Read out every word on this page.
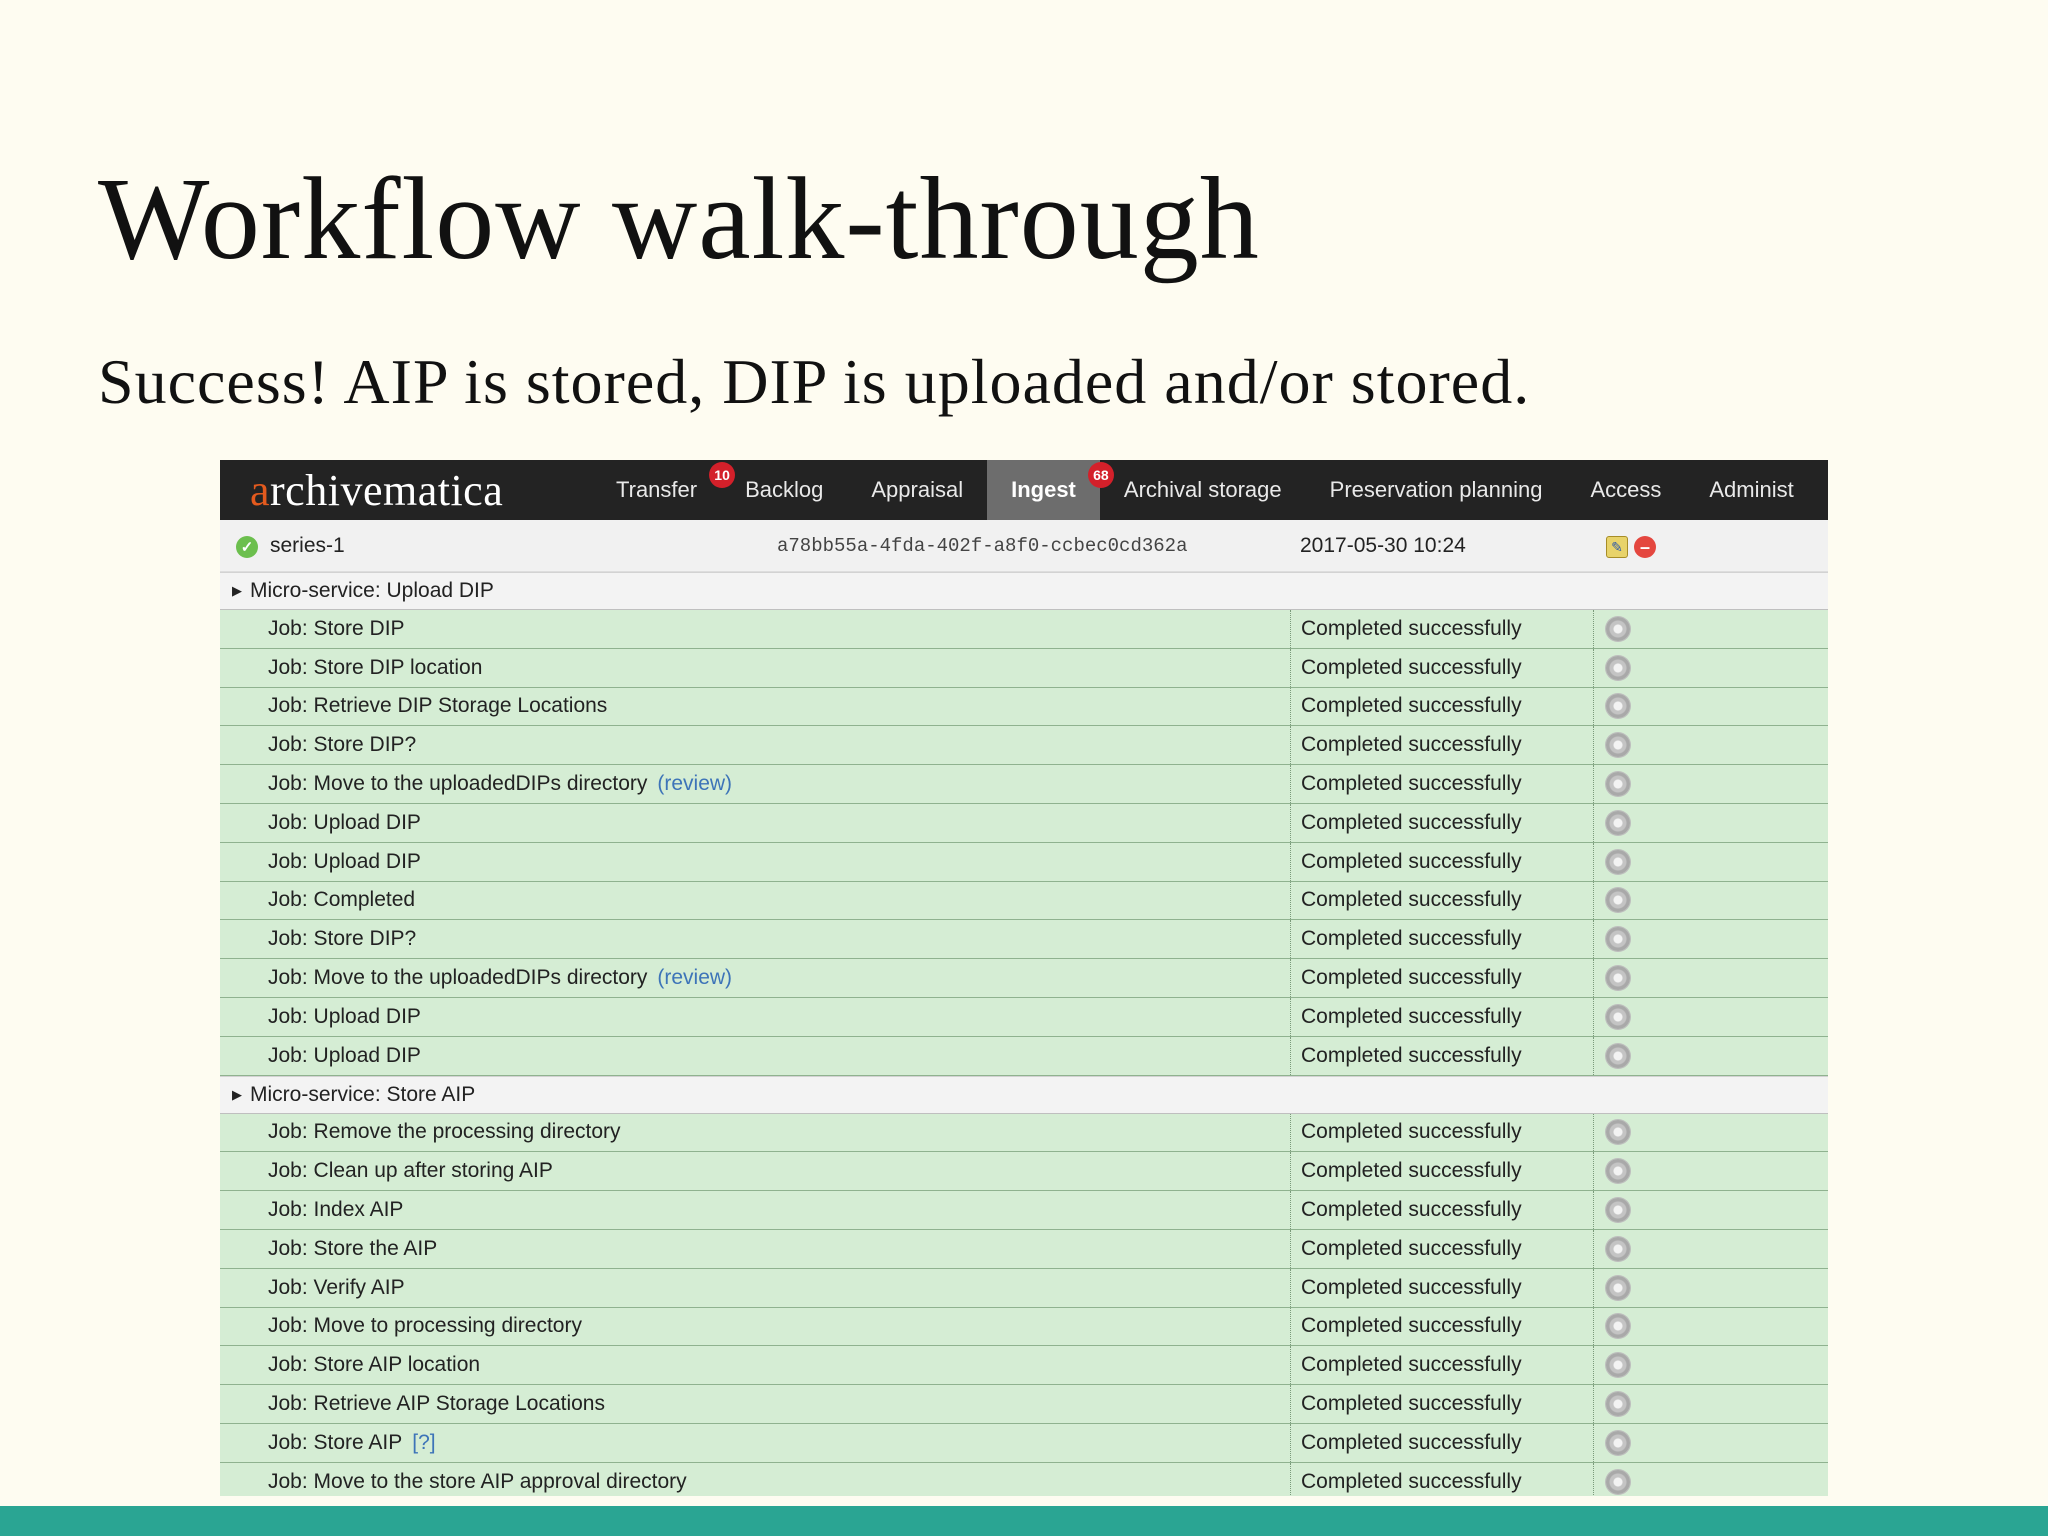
Workflow walk-through
Success! AIP is stored, DIP is uploaded and/or stored.
archivematica	Transfer
10
Backlog Appraisal Ingest
68
Archival storage Preservation planning Access Administ
✓ series-1	a78bb55a-4fda-402f-a8f0-ccbec0cd362a	2017-05-30 10:24	✎ –
▶ Micro-service: Upload DIP
Job: Store DIP	Completed successfully
Job: Store DIP location	Completed successfully
Job: Retrieve DIP Storage Locations	Completed successfully
Job: Store DIP?	Completed successfully
Job: Move to the uploadedDIPs directory (review)	Completed successfully
Job: Upload DIP	Completed successfully
Job: Upload DIP	Completed successfully
Job: Completed	Completed successfully
Job: Store DIP?	Completed successfully
Job: Move to the uploadedDIPs directory (review)	Completed successfully
Job: Upload DIP	Completed successfully
Job: Upload DIP	Completed successfully
▶ Micro-service: Store AIP
Job: Remove the processing directory	Completed successfully
Job: Clean up after storing AIP	Completed successfully
Job: Index AIP	Completed successfully
Job: Store the AIP	Completed successfully
Job: Verify AIP	Completed successfully
Job: Move to processing directory	Completed successfully
Job: Store AIP location	Completed successfully
Job: Retrieve AIP Storage Locations	Completed successfully
Job: Store AIP [?]	Completed successfully
Job: Move to the store AIP approval directory	Completed successfully
